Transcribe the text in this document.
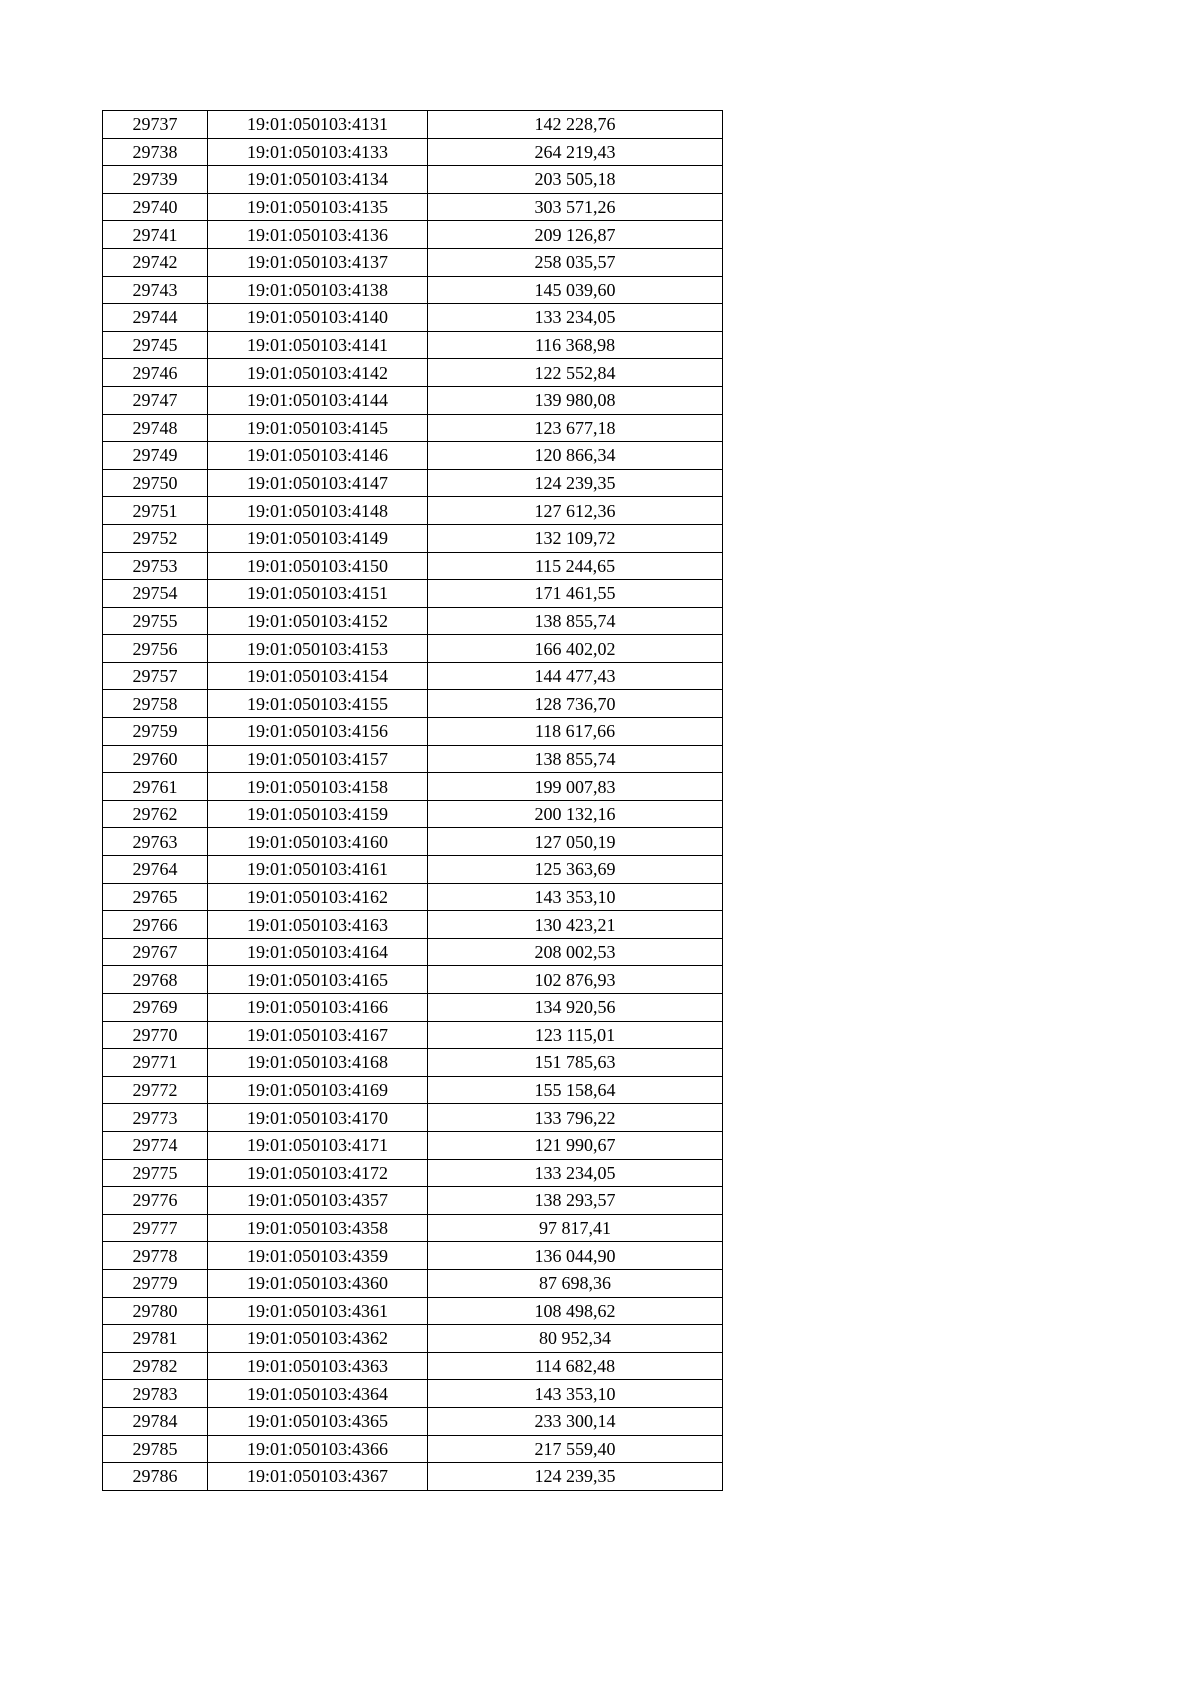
29737	19:01:050103:4131	142 228,76
29738	19:01:050103:4133	264 219,43
29739	19:01:050103:4134	203 505,18
29740	19:01:050103:4135	303 571,26
29741	19:01:050103:4136	209 126,87
29742	19:01:050103:4137	258 035,57
29743	19:01:050103:4138	145 039,60
29744	19:01:050103:4140	133 234,05
29745	19:01:050103:4141	116 368,98
29746	19:01:050103:4142	122 552,84
29747	19:01:050103:4144	139 980,08
29748	19:01:050103:4145	123 677,18
29749	19:01:050103:4146	120 866,34
29750	19:01:050103:4147	124 239,35
29751	19:01:050103:4148	127 612,36
29752	19:01:050103:4149	132 109,72
29753	19:01:050103:4150	115 244,65
29754	19:01:050103:4151	171 461,55
29755	19:01:050103:4152	138 855,74
29756	19:01:050103:4153	166 402,02
29757	19:01:050103:4154	144 477,43
29758	19:01:050103:4155	128 736,70
29759	19:01:050103:4156	118 617,66
29760	19:01:050103:4157	138 855,74
29761	19:01:050103:4158	199 007,83
29762	19:01:050103:4159	200 132,16
29763	19:01:050103:4160	127 050,19
29764	19:01:050103:4161	125 363,69
29765	19:01:050103:4162	143 353,10
29766	19:01:050103:4163	130 423,21
29767	19:01:050103:4164	208 002,53
29768	19:01:050103:4165	102 876,93
29769	19:01:050103:4166	134 920,56
29770	19:01:050103:4167	123 115,01
29771	19:01:050103:4168	151 785,63
29772	19:01:050103:4169	155 158,64
29773	19:01:050103:4170	133 796,22
29774	19:01:050103:4171	121 990,67
29775	19:01:050103:4172	133 234,05
29776	19:01:050103:4357	138 293,57
29777	19:01:050103:4358	97 817,41
29778	19:01:050103:4359	136 044,90
29779	19:01:050103:4360	87 698,36
29780	19:01:050103:4361	108 498,62
29781	19:01:050103:4362	80 952,34
29782	19:01:050103:4363	114 682,48
29783	19:01:050103:4364	143 353,10
29784	19:01:050103:4365	233 300,14
29785	19:01:050103:4366	217 559,40
29786	19:01:050103:4367	124 239,35
